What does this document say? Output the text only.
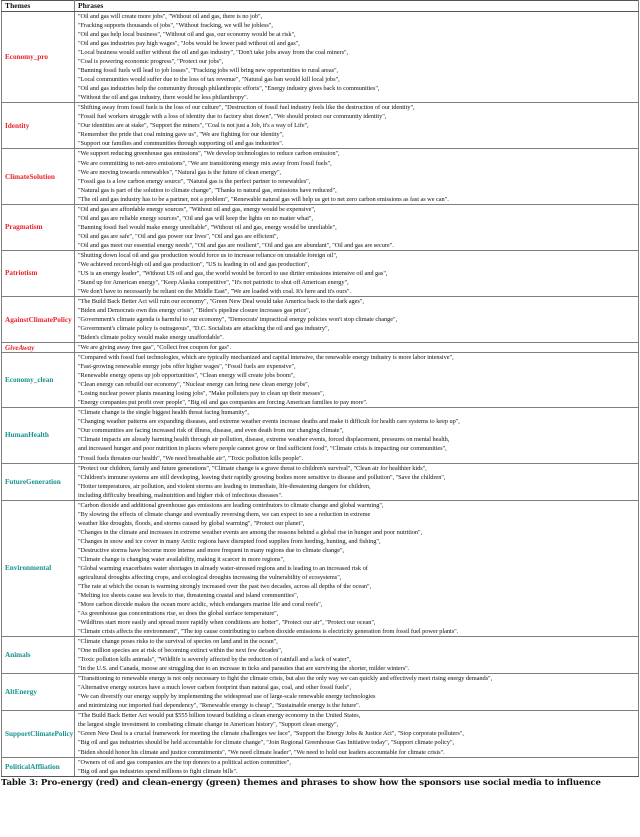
Themes	Phrases
Economy_pro	
"Oil and gas will create more jobs", "Without oil and gas, there is no job",
"Fracking supports thousands of jobs", "Without fracking, we will be jobless",
"Oil and gas help local business", "Without oil and gas, our economy would be at risk",
"Oil and gas industries pay high wages", "Jobs would be lower paid without oil and gas",
"Local business would suffer without the oil and gas industry", "Don't take jobs away from the coal miners",
"Coal is powering economic progress", "Protect our jobs",
"Banning fossil fuels will lead to job losses", "Fracking jobs will bring new opportunities to rural areas",
"Local communities would suffer due to the loss of tax revenue", "Natural gas ban would kill local jobs",
"Oil and gas industries help the community through philanthropic efforts", "Energy industry gives back to communities",
"Without the oil and gas industry, there would be less philanthropy".

Identity	"Shifting away from fossil fuels is the loss of our culture", "Destruction of fossil fuel industry feels like the destruction of our identity",
"Fossil fuel workers struggle with a loss of identity due to factory shut down", "We should protect our community identity",
"Our identities are at stake", "Support the miners", "Coal is not just a Job, it's a way of Life",
"Remember the pride that coal mining gave us", "We are fighting for our identity",
"Support our families and communities through supporting oil and gas industries".

ClimateSolution	
"We support reducing greenhouse gas emissions", "We develop technologies to reduce carbon emission",
"We are committing to net-zero emissions", "We are transitioning energy mix away from fossil fuels",
"We are moving towards renewables", "Natural gas is the future of clean energy",
"Fossil gas is a low carbon energy source", "Natural gas is the perfect partner to renewables",
"Natural gas is part of the solution to climate change", "Thanks to natural gas, emissions have reduced",
"The oil and gas industry has to be a partner, not a problem", "Renewable natural gas will help us get to net zero carbon emissions as fast as we can".

Pragmatism	"Oil and gas are affordable energy sources", "Without oil and gas, energy would be expensive",
"Oil and gas are reliable energy sources", "Oil and gas will keep the lights on no matter what",
"Banning fossil fuel would make energy unreliable", "Without oil and gas, energy would be unreliable",
"Oil and gas are safe", "Oil and gas power our lives", "Oil and gas are efficient",
"Oil and gas meet our essential energy needs", "Oil and gas are resilient", "Oil and gas are abundant", "Oil and gas are secure".

Patriotism	"Shutting down local oil and gas production would force us to increase reliance on unstable foreign oil",
"We achieved record-high oil and gas production", "US is leading in oil and gas production",
"US is an energy leader", "Without US oil and gas, the world would be forced to use dirtier emissions intensive oil and gas",
"Stand up for American energy", "Keep Alaska competitive", "It's not patriotic to shut off American energy",
"We don't have to necessarily be reliant on the Middle East", "We are loaded with coal. It's here and it's ours".

AgainstClimatePolicy	"The Build Back Better Act will ruin our economy", "Green New Deal would take America back to the dark ages",
"Biden and Democrats own this energy crisis", "Biden's pipeline closure increases gas price",
"Government's climate agenda is harmful to our economy", "Democrats' impractical energy policies won't stop climate change",
"Government's climate policy is outrageous", "D.C. Socialists are attacking the oil and gas industry",
"Biden's climate policy would make energy unaffordable".

GiveAway	"We are giving away free gas", "Collect free coupon for gas".

Economy_clean	
"Compared with fossil fuel technologies, which are typically mechanized and capital intensive, the renewable energy industry is more labor intensive",
"Fast-growing renewable energy jobs offer higher wages", "Fossil fuels are expensive",
"Renewable energy opens up job opportunities", "Clean energy will create jobs boom",
"Clean energy can rebuild our economy", "Nuclear energy can bring new clean energy jobs",
"Losing nuclear power plants meaning losing jobs", "Make polluters pay to clean up their messes",
"Energy companies put profit over people", "Big oil and gas companies are forcing American families to pay more".

HumanHealth	
"Climate change is the single biggest health threat facing humanity",
"Changing weather patterns are expanding diseases, and extreme weather events increase deaths and make it difficult for health care systems to keep up",
"Our communities are facing increased risk of illness, disease, and even death from our changing climate",
"Climate impacts are already harming health through air pollution, disease, extreme weather events, forced displacement, pressures on mental health,
and increased hunger and poor nutrition in places where people cannot grow or find sufficient food", "Climate crisis is impacting our communities",
"Fossil fuels threaten our health", "We need breathable air", "Toxic pollution kills people".

FutureGeneration	"Protect our children, family and future generations", "Climate change is a grave threat to children's survival", "Clean air for healthier kids",
"Children's immune systems are still developing, leaving their rapidly growing bodies more sensitive to disease and pollution", "Save the children",
"Hotter temperatures, air pollution, and violent storms are leading to immediate, life-threatening dangers for children,
including difficulty breathing, malnutrition and higher risk of infectious diseases".

Environmental	
"Carbon dioxide and additional greenhouse gas emissions are leading contributors to climate change and global warming",
"By slowing the effects of climate change and eventually reversing them, we can expect to see a reduction in extreme
weather like droughts, floods, and storms caused by global warming", "Protect our planet",
"Changes in the climate and increases in extreme weather events are among the reasons behind a global rise in hunger and poor nutrition",
"Changes in snow and ice cover in many Arctic regions have disrupted food supplies from herding, hunting, and fishing",
"Destructive storms have become more intense and more frequent in many regions due to climate change",
"Climate change is changing water availability, making it scarcer in more regions",
"Global warming exacerbates water shortages in already water-stressed regions and is leading to an increased risk of
agricultural droughts affecting crops, and ecological droughts increasing the vulnerability of ecosystems",
"The rate at which the ocean is warming strongly increased over the past two decades, across all depths of the ocean",
"Melting ice sheets cause sea levels to rise, threatening coastal and island communities",
"More carbon dioxide makes the ocean more acidic, which endangers marine life and coral reefs",
"As greenhouse gas concentrations rise, so does the global surface temperature",
"Wildfires start more easily and spread more rapidly when conditions are hotter", "Protect our air", "Protect our ocean",
"Climate crisis affects the environment", "The top cause contributing to carbon dioxide emissions is electricity generation from fossil fuel power plants".

Animals	"Climate change poses risks to the survival of species on land and in the ocean",
"One million species are at risk of becoming extinct within the next few decades",
"Toxic pollution kills animals", "Wildlife is severely affected by the reduction of rainfall and a lack of water",
"In the U.S. and Canada, moose are struggling due to an increase in ticks and parasites that are surviving the shorter, milder winters".

AltEnergy	"Transitioning to renewable energy is not only necessary to fight the climate crisis, but also the only way we can quickly and effectively meet rising energy demands",
"Alternative energy sources have a much lower carbon footprint than natural gas, coal, and other fossil fuels",
"We can diversify our energy supply by implementing the widespread use of large-scale renewable energy technologies
and minimizing our imported fuel dependency", "Renewable energy is cheap", "Sustainable energy is the future".

SupportClimatePolicy	"The Build Back Better Act would put $555 billion toward building a clean energy economy in the United States,
the largest single investment in combating climate change in American history", "Support clean energy",
"Green New Deal is a crucial framework for meeting the climate challenges we face", "Support the Energy Jobs & Justice Act", "Stop corporate polluters",
"Big oil and gas industries should be held accountable for climate change", "Join Regional Greenhouse Gas Initiative today", "Support climate policy",
"Biden should honor his climate and justice commitments", "We need climate leader", "We need to hold our leaders accountable for climate crisis".

PoliticalAffliation	"Owners of oil and gas companies are the top donors to a political action committee",
"Big oil and gas industries spend millions to fight climate bills".
Table 3: Pro-energy (red) and clean-energy (green) themes and phrases to show how the sponsors use social media to influence
